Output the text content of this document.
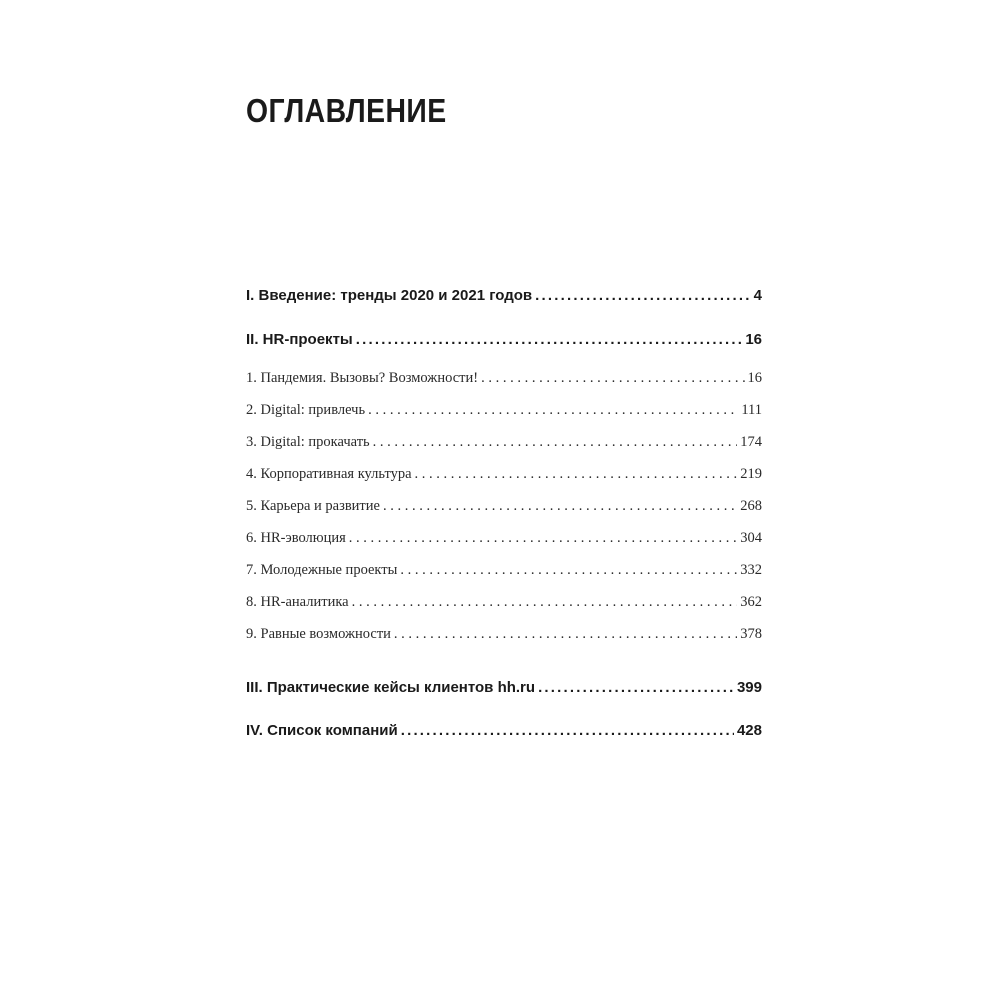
ОГЛАВЛЕНИЕ
I. Введение: тренды 2020 и 2021 годов .....	4
II. HR-проекты .....	16
1. Пандемия. Вызовы? Возможности! . . .	16
2. Digital: привлечь . . .	111
3. Digital: прокачать . . .	174
4. Корпоративная культура . . .	219
5. Карьера и развитие . . .	268
6. HR-эволюция . . .	304
7. Молодежные проекты . . .	332
8. HR-аналитика . . .	362
9. Равные возможности . . .	378
III. Практические кейсы клиентов hh.ru .....	399
IV. Список компаний .....	428
